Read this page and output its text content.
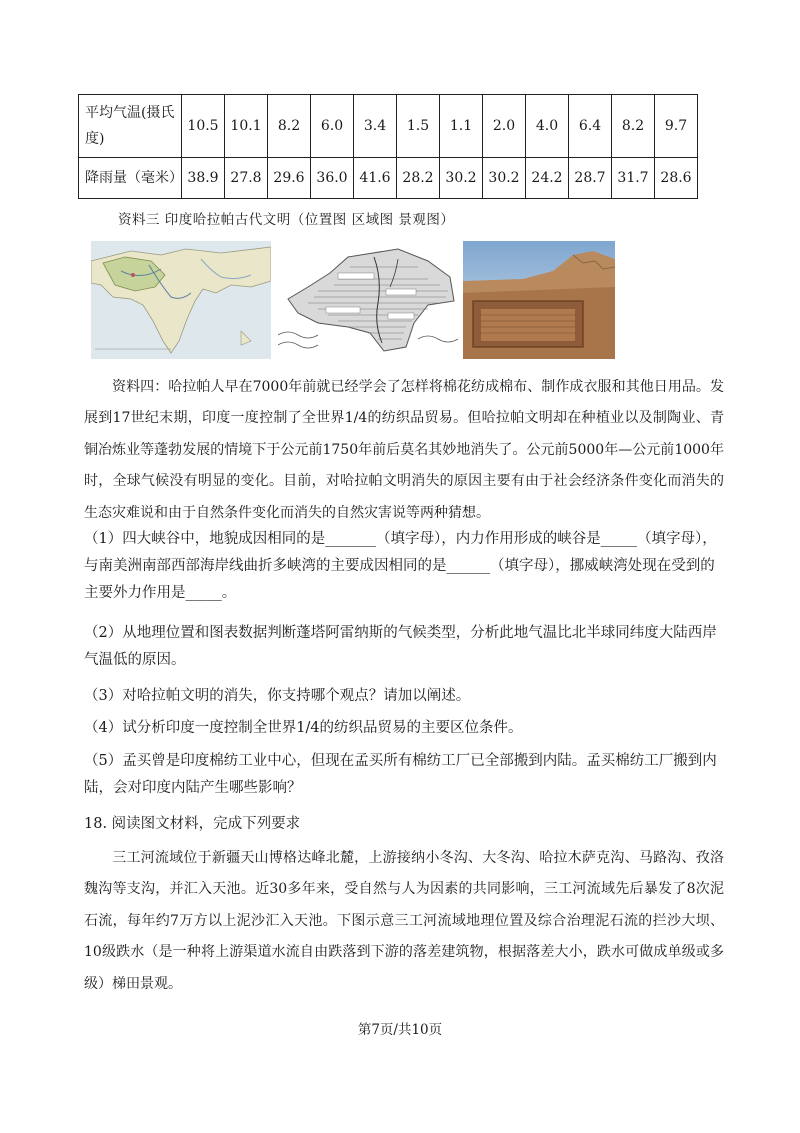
平均气温(摄氏度)	10.5	10.1	8.2	6.0	3.4	1.5	1.1	2.0	4.0	6.4	8.2	9.7
降雨量（毫米）	38.9	27.8	29.6	36.0	41.6	28.2	30.2	30.2	24.2	28.7	31.7	28.6
资料三 印度哈拉帕古代文明（位置图 区域图 景观图）
资料四：哈拉帕人早在7000年前就已经学会了怎样将棉花纺成棉布、制作成衣服和其他日用品。发展到17世纪末期，印度一度控制了全世界1/4的纺织品贸易。但哈拉帕文明却在种植业以及制陶业、青铜冶炼业等蓬勃发展的情境下于公元前1750年前后莫名其妙地消失了。公元前5000年—公元前1000年时，全球气候没有明显的变化。目前，对哈拉帕文明消失的原因主要有由于社会经济条件变化而消失的生态灾难说和由于自然条件变化而消失的自然灾害说等两种猜想。
（1）四大峡谷中，地貌成因相同的是_______（填字母），内力作用形成的峡谷是_____（填字母），与南美洲南部西部海岸线曲折多峡湾的主要成因相同的是______（填字母），挪威峡湾处现在受到的主要外力作用是_____。
（2）从地理位置和图表数据判断蓬塔阿雷纳斯的气候类型，分析此地气温比北半球同纬度大陆西岸气温低的原因。
（3）对哈拉帕文明的消失，你支持哪个观点？请加以阐述。
（4）试分析印度一度控制全世界1/4的纺织品贸易的主要区位条件。
（5）孟买曾是印度棉纺工业中心，但现在孟买所有棉纺工厂已全部搬到内陆。孟买棉纺工厂搬到内陆，会对印度内陆产生哪些影响？
18. 阅读图文材料，完成下列要求
三工河流域位于新疆天山博格达峰北麓，上游接纳小冬沟、大冬沟、哈拉木萨克沟、马路沟、孜洛魏沟等支沟，并汇入天池。近30多年来，受自然与人为因素的共同影响，三工河流域先后暴发了8次泥石流，每年约7万方以上泥沙汇入天池。下图示意三工河流域地理位置及综合治理泥石流的拦沙大坝、10级跌水（是一种将上游渠道水流自由跌落到下游的落差建筑物，根据落差大小，跌水可做成单级或多级）梯田景观。
第7页/共10页
